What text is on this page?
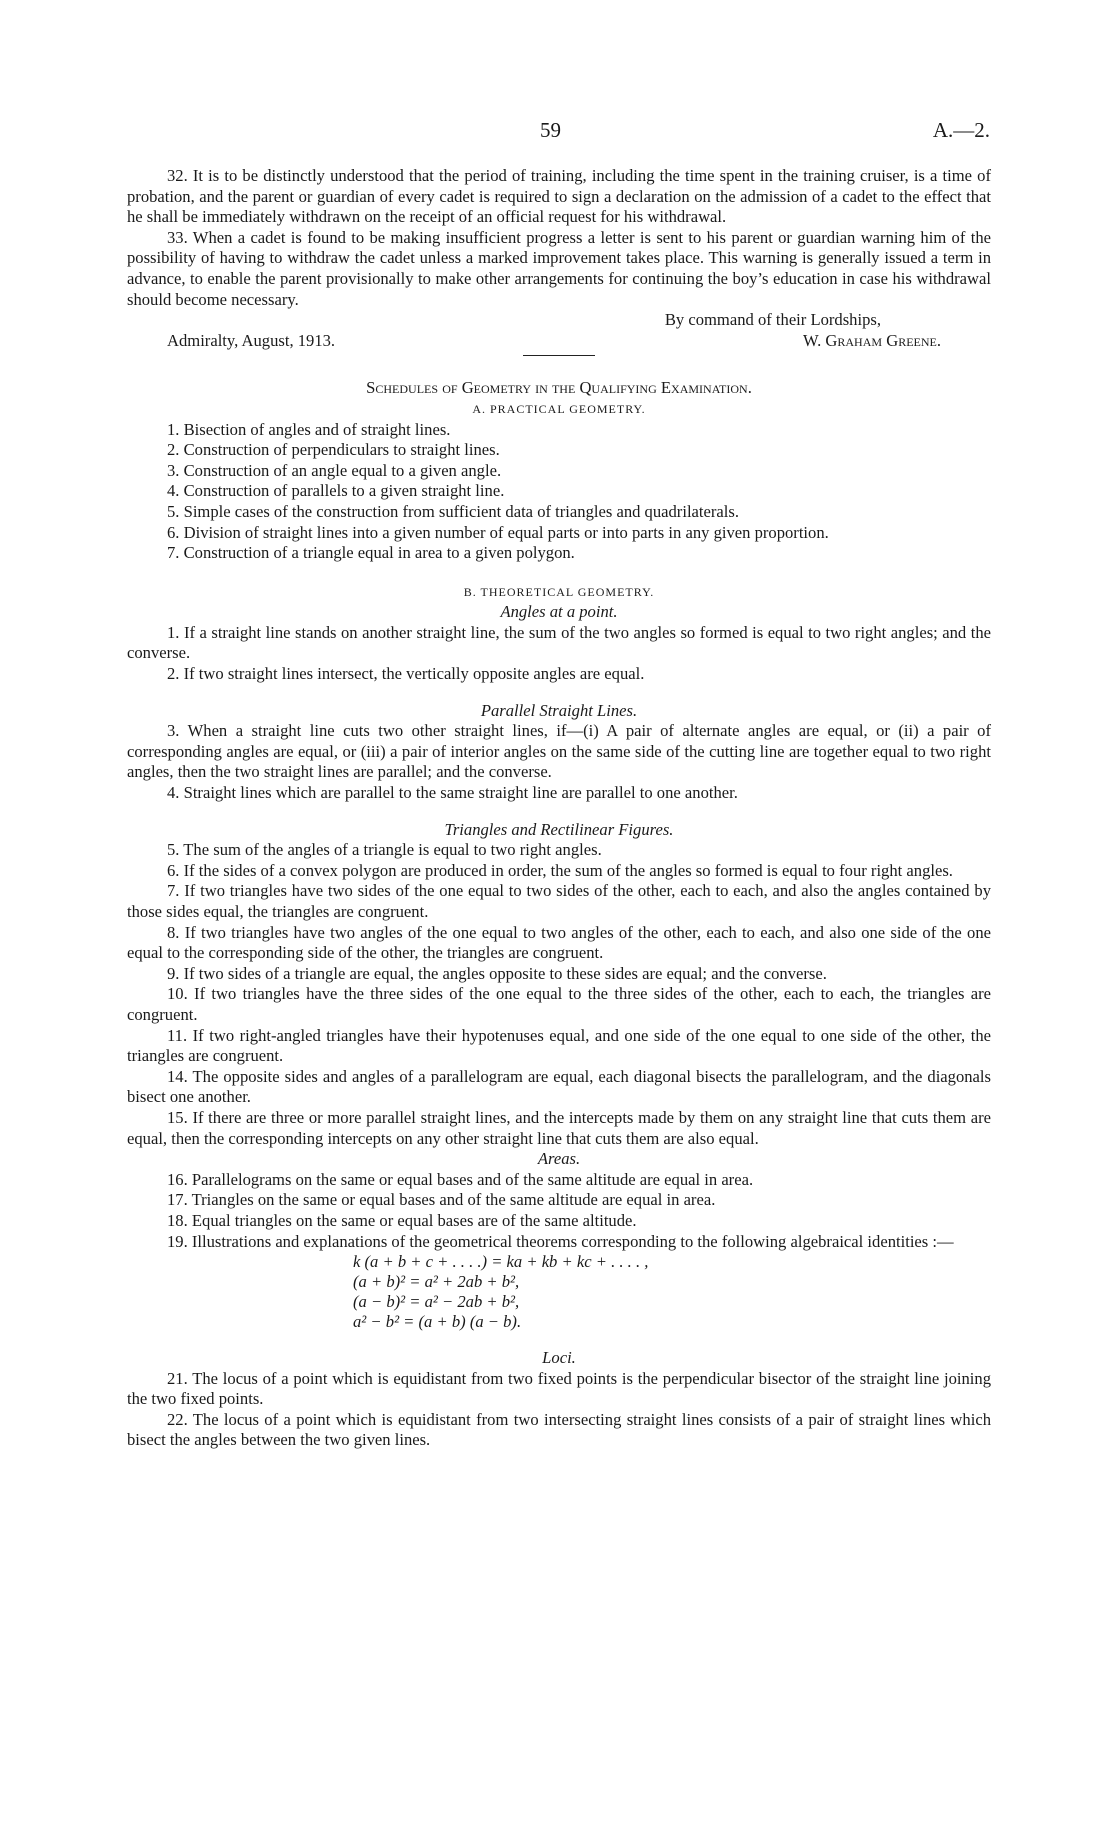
59	A.—2.

32. It is to be distinctly understood that the period of training, including the time spent in the training cruiser, is a time of probation, and the parent or guardian of every cadet is required to sign a declaration on the admission of a cadet to the effect that he shall be immediately withdrawn on the receipt of an official request for his withdrawal.

33. When a cadet is found to be making insufficient progress a letter is sent to his parent or guardian warning him of the possibility of having to withdraw the cadet unless a marked improvement takes place. This warning is generally issued a term in advance, to enable the parent provisionally to make other arrangements for continuing the boy’s education in case his withdrawal should become necessary.

By command of their Lordships,
Admiralty, August, 1913.	W. Graham Greene.
Schedules of Geometry in the Qualifying Examination.
A. PRACTICAL GEOMETRY.

1. Bisection of angles and of straight lines.

2. Construction of perpendiculars to straight lines.

3. Construction of an angle equal to a given angle.

4. Construction of parallels to a given straight line.

5. Simple cases of the construction from sufficient data of triangles and quadrilaterals.

6. Division of straight lines into a given number of equal parts or into parts in any given proportion.

7. Construction of a triangle equal in area to a given polygon.

B. THEORETICAL GEOMETRY.
Angles at a point.

1. If a straight line stands on another straight line, the sum of the two angles so formed is equal to two right angles; and the converse.

2. If two straight lines intersect, the vertically opposite angles are equal.

Parallel Straight Lines.

3. When a straight line cuts two other straight lines, if—(i) A pair of alternate angles are equal, or (ii) a pair of corresponding angles are equal, or (iii) a pair of interior angles on the same side of the cutting line are together equal to two right angles, then the two straight lines are parallel; and the converse.

4. Straight lines which are parallel to the same straight line are parallel to one another.

Triangles and Rectilinear Figures.

5. The sum of the angles of a triangle is equal to two right angles.

6. If the sides of a convex polygon are produced in order, the sum of the angles so formed is equal to four right angles.

7. If two triangles have two sides of the one equal to two sides of the other, each to each, and also the angles contained by those sides equal, the triangles are congruent.

8. If two triangles have two angles of the one equal to two angles of the other, each to each, and also one side of the one equal to the corresponding side of the other, the triangles are congruent.

9. If two sides of a triangle are equal, the angles opposite to these sides are equal; and the converse.

10. If two triangles have the three sides of the one equal to the three sides of the other, each to each, the triangles are congruent.

11. If two right-angled triangles have their hypotenuses equal, and one side of the one equal to one side of the other, the triangles are congruent.

14. The opposite sides and angles of a parallelogram are equal, each diagonal bisects the parallelogram, and the diagonals bisect one another.

15. If there are three or more parallel straight lines, and the intercepts made by them on any straight line that cuts them are equal, then the corresponding intercepts on any other straight line that cuts them are also equal.

Areas.

16. Parallelograms on the same or equal bases and of the same altitude are equal in area.

17. Triangles on the same or equal bases and of the same altitude are equal in area.

18. Equal triangles on the same or equal bases are of the same altitude.

19. Illustrations and explanations of the geometrical theorems corresponding to the following algebraical identities :—

k (a + b + c + . . . .) = ka + kb + kc + . . . . ,
(a + b)² = a² + 2ab + b²,
(a − b)² = a² − 2ab + b²,
a² − b² = (a + b) (a − b).
Loci.

21. The locus of a point which is equidistant from two fixed points is the perpendicular bisector of the straight line joining the two fixed points.

22. The locus of a point which is equidistant from two intersecting straight lines consists of a pair of straight lines which bisect the angles between the two given lines.
